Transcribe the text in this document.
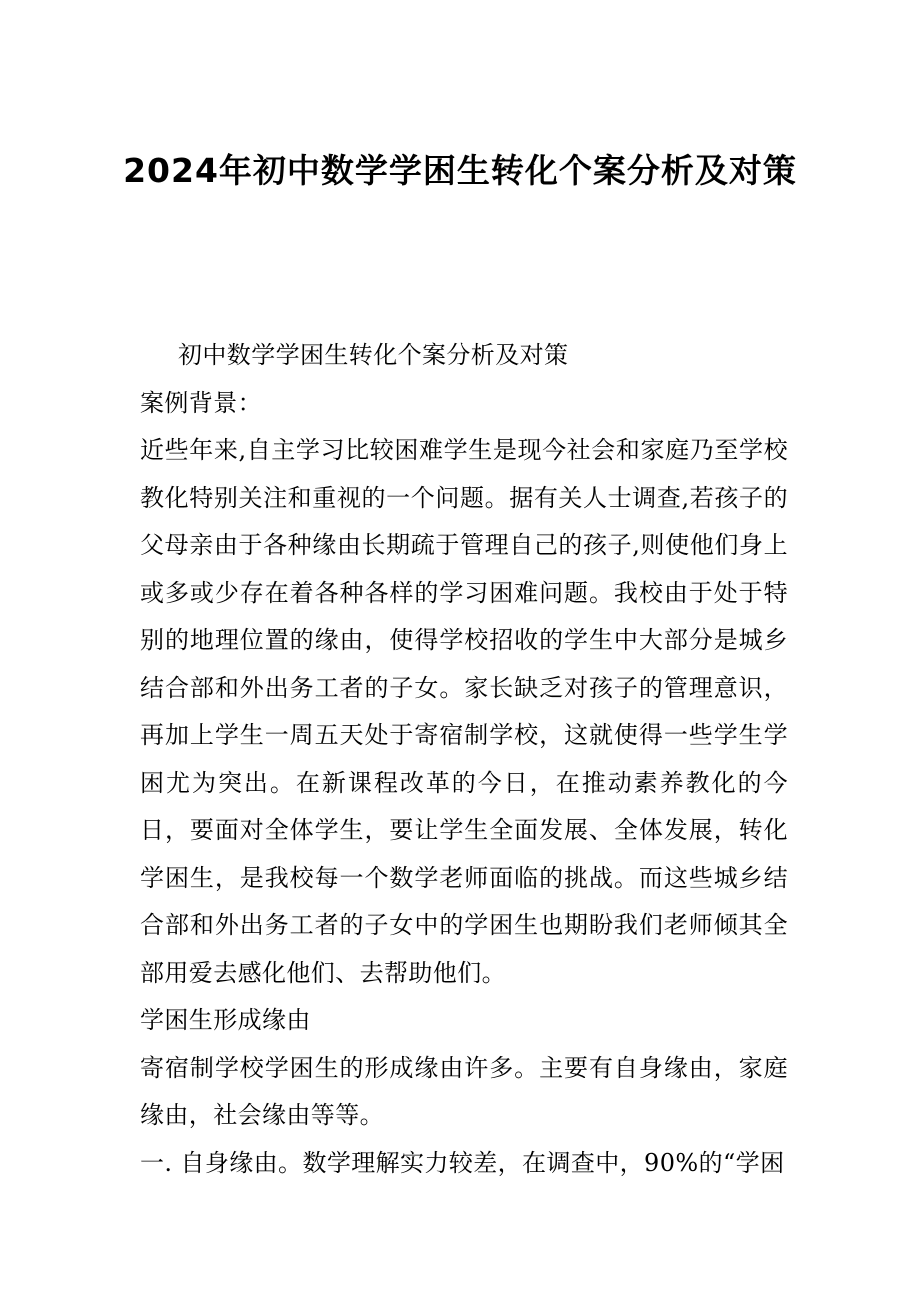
2024年初中数学学困生转化个案分析及对策

初中数学学困生转化个案分析及对策

案例背景：

近些年来,自主学习比较困难学生是现今社会和家庭乃至学校教化特别关注和重视的一个问题。据有关人士调查,若孩子的父母亲由于各种缘由长期疏于管理自己的孩子,则使他们身上或多或少存在着各种各样的学习困难问题。我校由于处于特别的地理位置的缘由，使得学校招收的学生中大部分是城乡结合部和外出务工者的子女。家长缺乏对孩子的管理意识，再加上学生一周五天处于寄宿制学校，这就使得一些学生学困尤为突出。在新课程改革的今日，在推动素养教化的今日，要面对全体学生，要让学生全面发展、全体发展，转化学困生，是我校每一个数学老师面临的挑战。而这些城乡结合部和外出务工者的子女中的学困生也期盼我们老师倾其全部用爱去感化他们、去帮助他们。

学困生形成缘由

寄宿制学校学困生的形成缘由许多。主要有自身缘由，家庭缘由，社会缘由等等。

一. 自身缘由。数学理解实力较差，在调查中，90%的“学困
